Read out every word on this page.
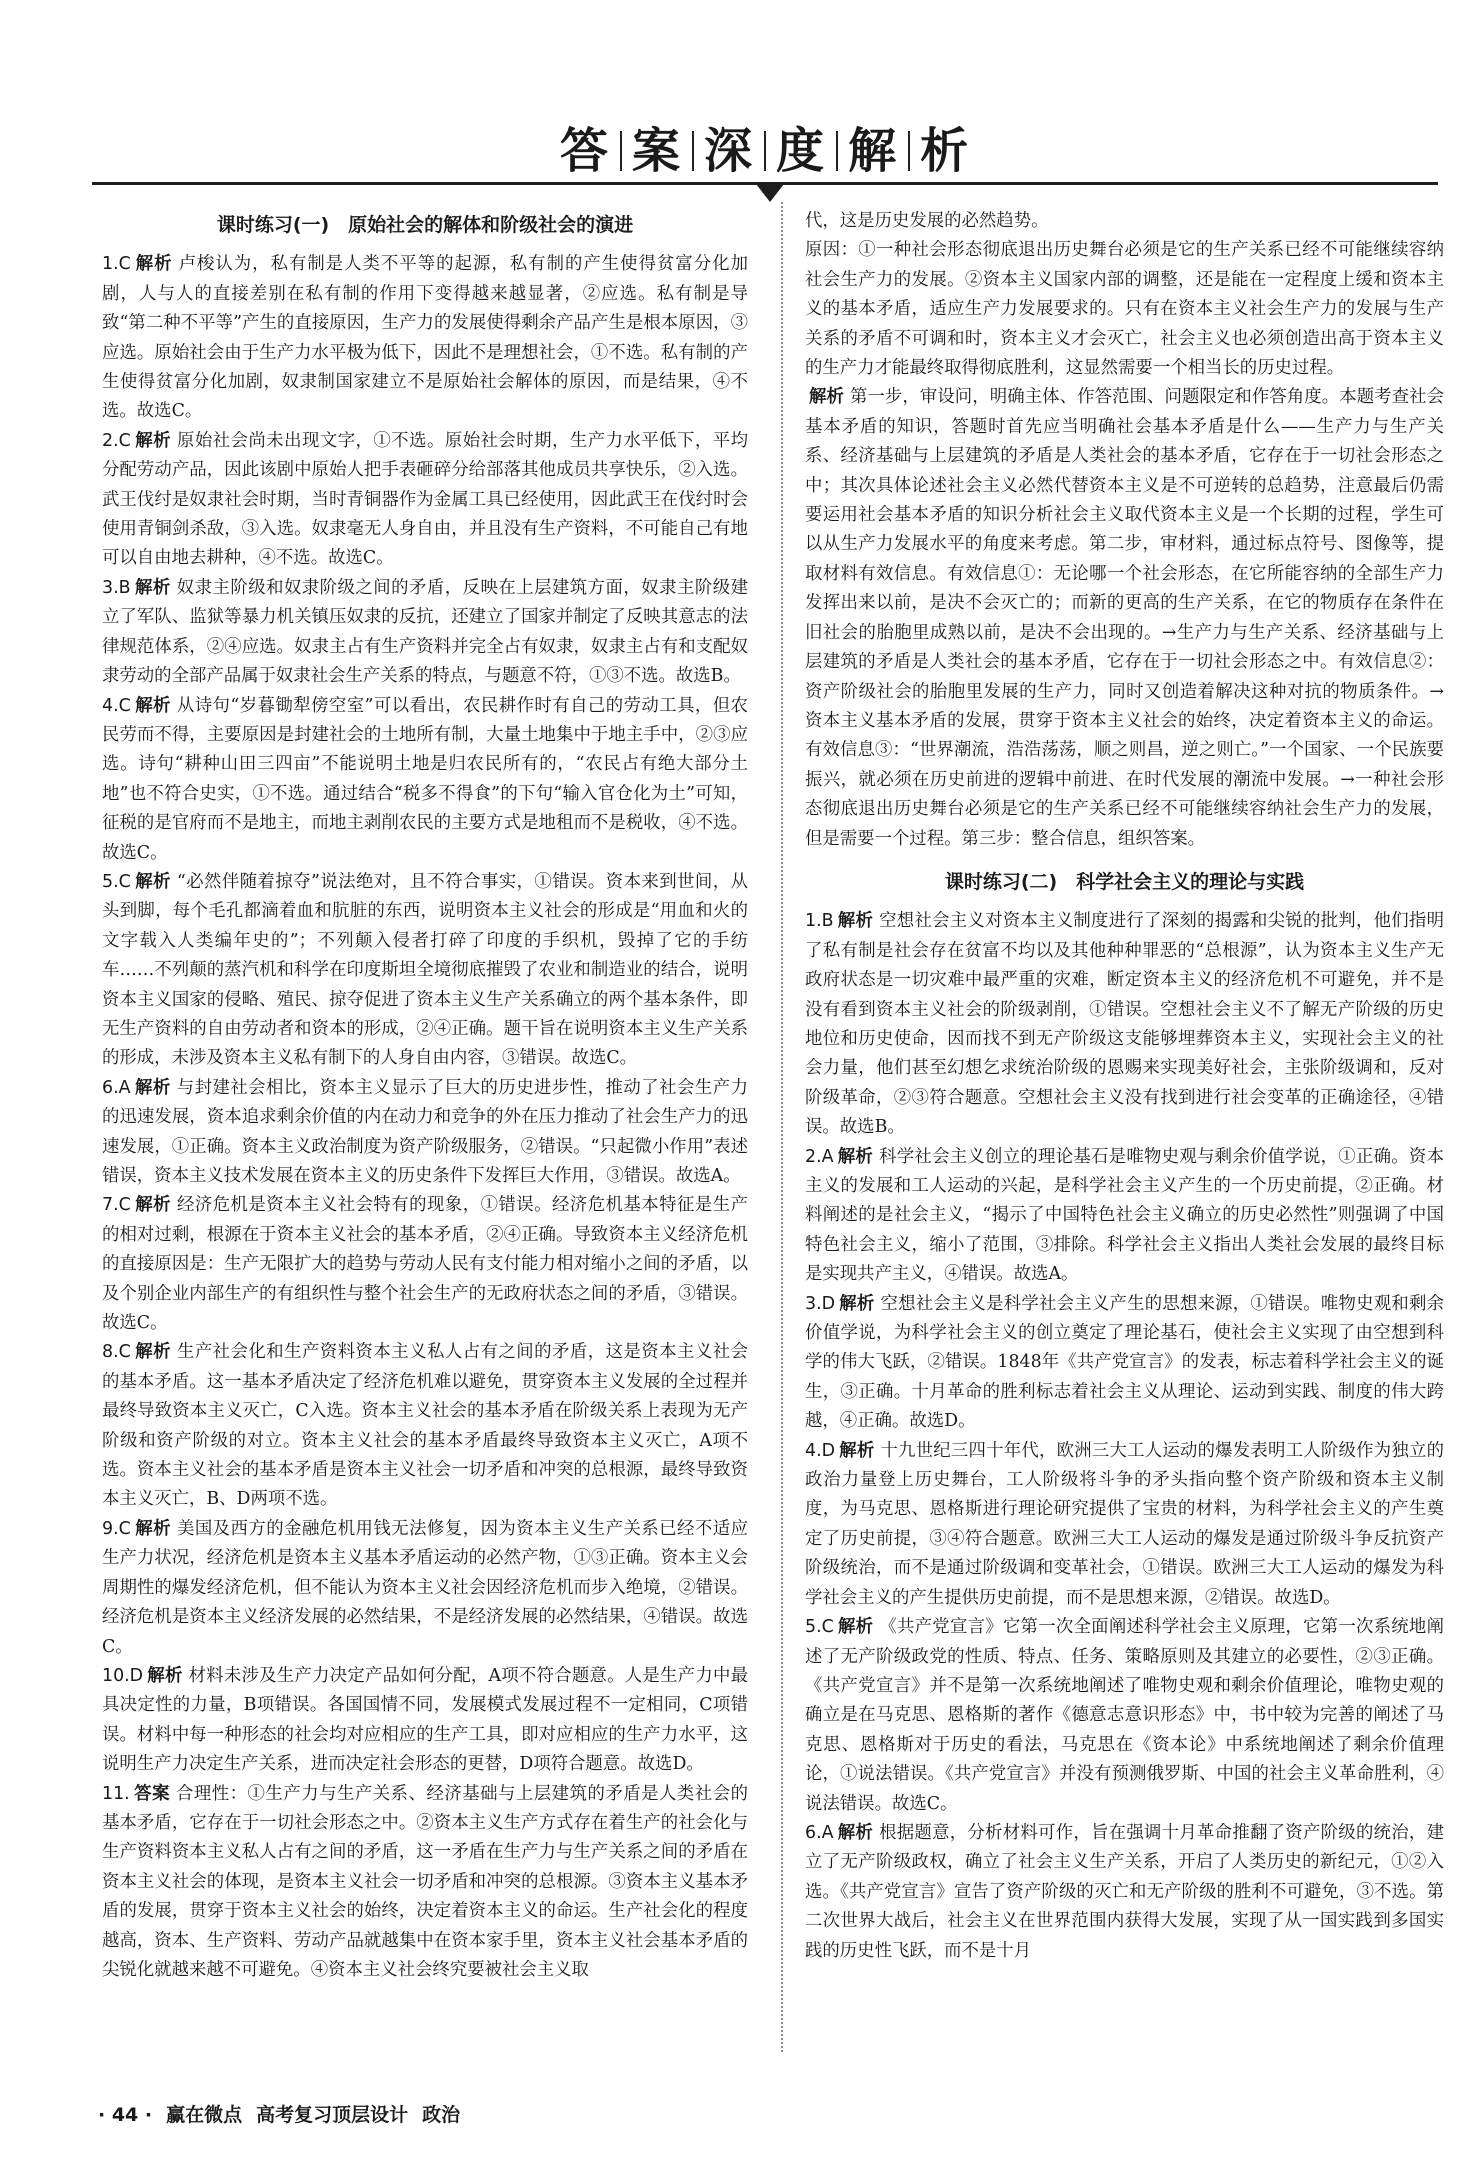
答 案 深 度 解 析
课时练习(一)　原始社会的解体和阶级社会的演进

1.C 解析 卢梭认为，私有制是人类不平等的起源，私有制的产生使得贫富分化加剧，人与人的直接差别在私有制的作用下变得越来越显著，②应选。私有制是导致“第二种不平等”产生的直接原因，生产力的发展使得剩余产品产生是根本原因，③应选。原始社会由于生产力水平极为低下，因此不是理想社会，①不选。私有制的产生使得贫富分化加剧，奴隶制国家建立不是原始社会解体的原因，而是结果，④不选。故选C。

2.C 解析 原始社会尚未出现文字，①不选。原始社会时期，生产力水平低下，平均分配劳动产品，因此该剧中原始人把手表砸碎分给部落其他成员共享快乐，②入选。武王伐纣是奴隶社会时期，当时青铜器作为金属工具已经使用，因此武王在伐纣时会使用青铜剑杀敌，③入选。奴隶毫无人身自由，并且没有生产资料，不可能自己有地可以自由地去耕种，④不选。故选C。

3.B 解析 奴隶主阶级和奴隶阶级之间的矛盾，反映在上层建筑方面，奴隶主阶级建立了军队、监狱等暴力机关镇压奴隶的反抗，还建立了国家并制定了反映其意志的法律规范体系，②④应选。奴隶主占有生产资料并完全占有奴隶，奴隶主占有和支配奴隶劳动的全部产品属于奴隶社会生产关系的特点，与题意不符，①③不选。故选B。

4.C 解析 从诗句“岁暮锄犁傍空室”可以看出，农民耕作时有自己的劳动工具，但农民劳而不得，主要原因是封建社会的土地所有制，大量土地集中于地主手中，②③应选。诗句“耕种山田三四亩”不能说明土地是归农民所有的，“农民占有绝大部分土地”也不符合史实，①不选。通过结合“税多不得食”的下句“输入官仓化为土”可知，征税的是官府而不是地主，而地主剥削农民的主要方式是地租而不是税收，④不选。故选C。

5.C 解析 “必然伴随着掠夺”说法绝对，且不符合事实，①错误。资本来到世间，从头到脚，每个毛孔都滴着血和肮脏的东西，说明资本主义社会的形成是“用血和火的文字载入人类编年史的”；不列颠入侵者打碎了印度的手织机，毁掉了它的手纺车……不列颠的蒸汽机和科学在印度斯坦全境彻底摧毁了农业和制造业的结合，说明资本主义国家的侵略、殖民、掠夺促进了资本主义生产关系确立的两个基本条件，即无生产资料的自由劳动者和资本的形成，②④正确。题干旨在说明资本主义生产关系的形成，未涉及资本主义私有制下的人身自由内容，③错误。故选C。

6.A 解析 与封建社会相比，资本主义显示了巨大的历史进步性，推动了社会生产力的迅速发展，资本追求剩余价值的内在动力和竞争的外在压力推动了社会生产力的迅速发展，①正确。资本主义政治制度为资产阶级服务，②错误。“只起微小作用”表述错误，资本主义技术发展在资本主义的历史条件下发挥巨大作用，③错误。故选A。

7.C 解析 经济危机是资本主义社会特有的现象，①错误。经济危机基本特征是生产的相对过剩，根源在于资本主义社会的基本矛盾，②④正确。导致资本主义经济危机的直接原因是：生产无限扩大的趋势与劳动人民有支付能力相对缩小之间的矛盾，以及个别企业内部生产的有组织性与整个社会生产的无政府状态之间的矛盾，③错误。故选C。

8.C 解析 生产社会化和生产资料资本主义私人占有之间的矛盾，这是资本主义社会的基本矛盾。这一基本矛盾决定了经济危机难以避免，贯穿资本主义发展的全过程并最终导致资本主义灭亡，C入选。资本主义社会的基本矛盾在阶级关系上表现为无产阶级和资产阶级的对立。资本主义社会的基本矛盾最终导致资本主义灭亡，A项不选。资本主义社会的基本矛盾是资本主义社会一切矛盾和冲突的总根源，最终导致资本主义灭亡，B、D两项不选。

9.C 解析 美国及西方的金融危机用钱无法修复，因为资本主义生产关系已经不适应生产力状况，经济危机是资本主义基本矛盾运动的必然产物，①③正确。资本主义会周期性的爆发经济危机，但不能认为资本主义社会因经济危机而步入绝境，②错误。经济危机是资本主义经济发展的必然结果，不是经济发展的必然结果，④错误。故选C。

10.D 解析 材料未涉及生产力决定产品如何分配，A项不符合题意。人是生产力中最具决定性的力量，B项错误。各国国情不同，发展模式发展过程不一定相同，C项错误。材料中每一种形态的社会均对应相应的生产工具，即对应相应的生产力水平，这说明生产力决定生产关系，进而决定社会形态的更替，D项符合题意。故选D。

11. 答案 合理性：①生产力与生产关系、经济基础与上层建筑的矛盾是人类社会的基本矛盾，它存在于一切社会形态之中。②资本主义生产方式存在着生产的社会化与生产资料资本主义私人占有之间的矛盾，这一矛盾在生产力与生产关系之间的矛盾在资本主义社会的体现，是资本主义社会一切矛盾和冲突的总根源。③资本主义基本矛盾的发展，贯穿于资本主义社会的始终，决定着资本主义的命运。生产社会化的程度越高，资本、生产资料、劳动产品就越集中在资本家手里，资本主义社会基本矛盾的尖锐化就越来越不可避免。④资本主义社会终究要被社会主义取

代，这是历史发展的必然趋势。

原因：①一种社会形态彻底退出历史舞台必须是它的生产关系已经不可能继续容纳社会生产力的发展。②资本主义国家内部的调整，还是能在一定程度上缓和资本主义的基本矛盾，适应生产力发展要求的。只有在资本主义社会生产力的发展与生产关系的矛盾不可调和时，资本主义才会灭亡，社会主义也必须创造出高于资本主义的生产力才能最终取得彻底胜利，这显然需要一个相当长的历史过程。

解析 第一步，审设问，明确主体、作答范围、问题限定和作答角度。本题考查社会基本矛盾的知识，答题时首先应当明确社会基本矛盾是什么——生产力与生产关系、经济基础与上层建筑的矛盾是人类社会的基本矛盾，它存在于一切社会形态之中；其次具体论述社会主义必然代替资本主义是不可逆转的总趋势，注意最后仍需要运用社会基本矛盾的知识分析社会主义取代资本主义是一个长期的过程，学生可以从生产力发展水平的角度来考虑。第二步，审材料，通过标点符号、图像等，提取材料有效信息。有效信息①：无论哪一个社会形态，在它所能容纳的全部生产力发挥出来以前，是决不会灭亡的；而新的更高的生产关系，在它的物质存在条件在旧社会的胎胞里成熟以前，是决不会出现的。→生产力与生产关系、经济基础与上层建筑的矛盾是人类社会的基本矛盾，它存在于一切社会形态之中。有效信息②：资产阶级社会的胎胞里发展的生产力，同时又创造着解决这种对抗的物质条件。→资本主义基本矛盾的发展，贯穿于资本主义社会的始终，决定着资本主义的命运。有效信息③：“世界潮流，浩浩荡荡，顺之则昌，逆之则亡。”一个国家、一个民族要振兴，就必须在历史前进的逻辑中前进、在时代发展的潮流中发展。→一种社会形态彻底退出历史舞台必须是它的生产关系已经不可能继续容纳社会生产力的发展，但是需要一个过程。第三步：整合信息，组织答案。

课时练习(二)　科学社会主义的理论与实践

1.B 解析 空想社会主义对资本主义制度进行了深刻的揭露和尖锐的批判，他们指明了私有制是社会存在贫富不均以及其他种种罪恶的“总根源”，认为资本主义生产无政府状态是一切灾难中最严重的灾难，断定资本主义的经济危机不可避免，并不是没有看到资本主义社会的阶级剥削，①错误。空想社会主义不了解无产阶级的历史地位和历史使命，因而找不到无产阶级这支能够埋葬资本主义，实现社会主义的社会力量，他们甚至幻想乞求统治阶级的恩赐来实现美好社会，主张阶级调和，反对阶级革命，②③符合题意。空想社会主义没有找到进行社会变革的正确途径，④错误。故选B。

2.A 解析 科学社会主义创立的理论基石是唯物史观与剩余价值学说，①正确。资本主义的发展和工人运动的兴起，是科学社会主义产生的一个历史前提，②正确。材料阐述的是社会主义，“揭示了中国特色社会主义确立的历史必然性”则强调了中国特色社会主义，缩小了范围，③排除。科学社会主义指出人类社会发展的最终目标是实现共产主义，④错误。故选A。

3.D 解析 空想社会主义是科学社会主义产生的思想来源，①错误。唯物史观和剩余价值学说，为科学社会主义的创立奠定了理论基石，使社会主义实现了由空想到科学的伟大飞跃，②错误。1848年《共产党宣言》的发表，标志着科学社会主义的诞生，③正确。十月革命的胜利标志着社会主义从理论、运动到实践、制度的伟大跨越，④正确。故选D。

4.D 解析 十九世纪三四十年代，欧洲三大工人运动的爆发表明工人阶级作为独立的政治力量登上历史舞台，工人阶级将斗争的矛头指向整个资产阶级和资本主义制度，为马克思、恩格斯进行理论研究提供了宝贵的材料，为科学社会主义的产生奠定了历史前提，③④符合题意。欧洲三大工人运动的爆发是通过阶级斗争反抗资产阶级统治，而不是通过阶级调和变革社会，①错误。欧洲三大工人运动的爆发为科学社会主义的产生提供历史前提，而不是思想来源，②错误。故选D。

5.C 解析 《共产党宣言》它第一次全面阐述科学社会主义原理，它第一次系统地阐述了无产阶级政党的性质、特点、任务、策略原则及其建立的必要性，②③正确。《共产党宣言》并不是第一次系统地阐述了唯物史观和剩余价值理论，唯物史观的确立是在马克思、恩格斯的著作《德意志意识形态》中，书中较为完善的阐述了马克思、恩格斯对于历史的看法，马克思在《资本论》中系统地阐述了剩余价值理论，①说法错误。《共产党宣言》并没有预测俄罗斯、中国的社会主义革命胜利，④说法错误。故选C。

6.A 解析 根据题意，分析材料可作，旨在强调十月革命推翻了资产阶级的统治，建立了无产阶级政权，确立了社会主义生产关系，开启了人类历史的新纪元，①②入选。《共产党宣言》宣告了资产阶级的灭亡和无产阶级的胜利不可避免，③不选。第二次世界大战后，社会主义在世界范围内获得大发展，实现了从一国实践到多国实践的历史性飞跃，而不是十月

· 44 · 赢在微点 高考复习顶层设计 政治
